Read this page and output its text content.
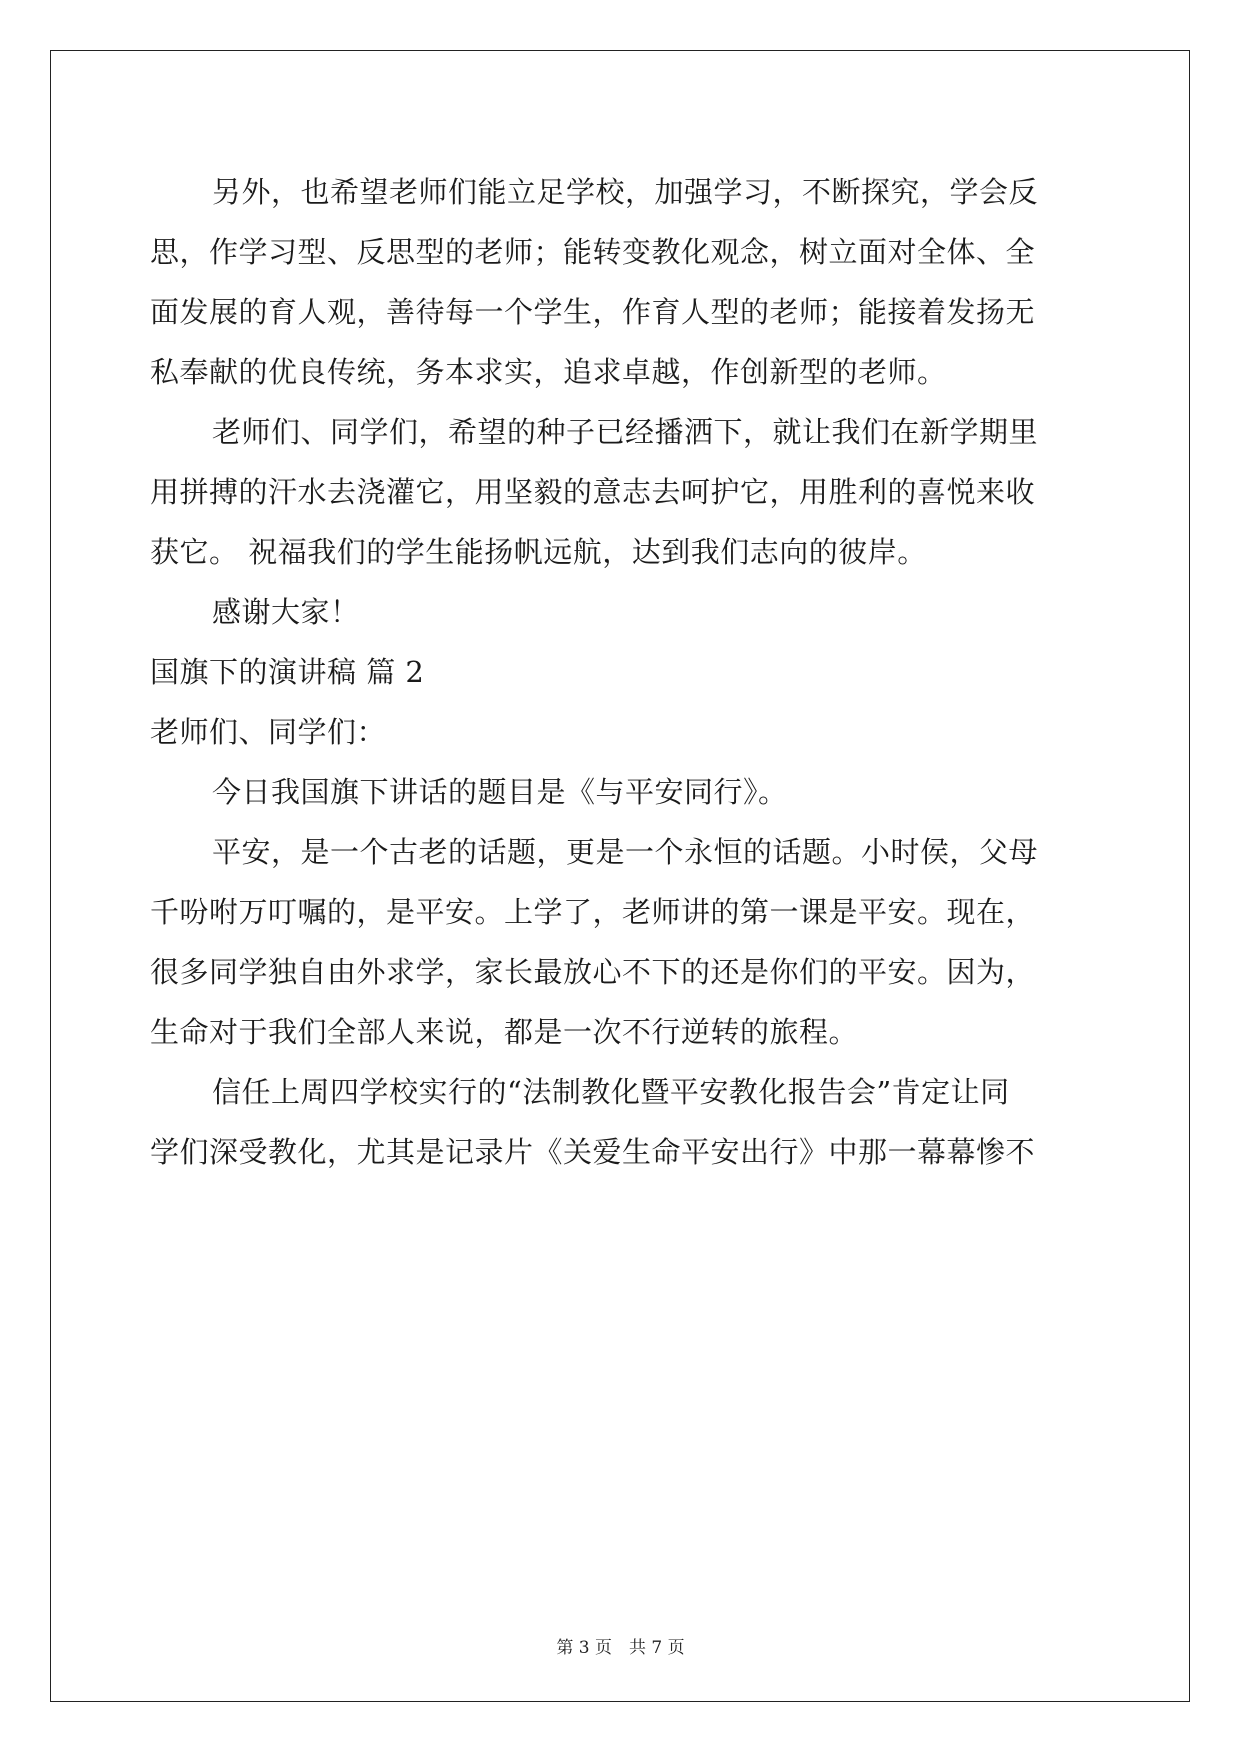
另外，也希望老师们能立足学校，加强学习，不断探究，学会反
思，作学习型、反思型的老师；能转变教化观念，树立面对全体、全
面发展的育人观，善待每一个学生，作育人型的老师；能接着发扬无
私奉献的优良传统，务本求实，追求卓越，作创新型的老师。
老师们、同学们，希望的种子已经播洒下，就让我们在新学期里
用拼搏的汗水去浇灌它，用坚毅的意志去呵护它，用胜利的喜悦来收
获它。 祝福我们的学生能扬帆远航，达到我们志向的彼岸。
感谢大家！
国旗下的演讲稿 篇 2
老师们、同学们：
今日我国旗下讲话的题目是《与平安同行》。
平安，是一个古老的话题，更是一个永恒的话题。小时侯，父母
千吩咐万叮嘱的，是平安。上学了，老师讲的第一课是平安。现在，
很多同学独自由外求学，家长最放心不下的还是你们的平安。因为，
生命对于我们全部人来说，都是一次不行逆转的旅程。
信任上周四学校实行的“法制教化暨平安教化报告会”肯定让同
学们深受教化，尤其是记录片《关爱生命平安出行》中那一幕幕惨不
第 3 页　共 7 页
